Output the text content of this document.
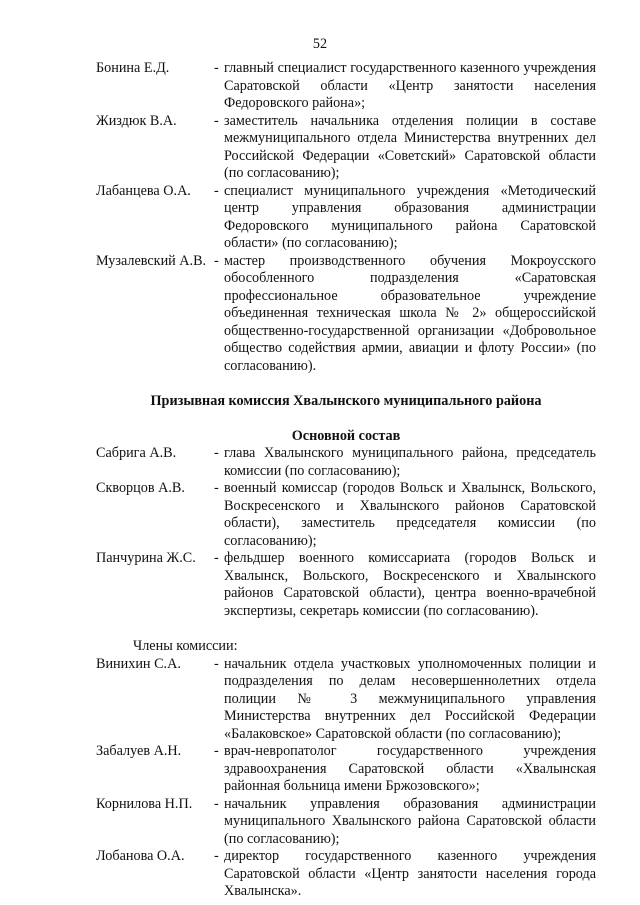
52
Бонина Е.Д.	- главный специалист государственного казенного учреждения Саратовской области «Центр занятости населения Федоровского района»;
Жиздюк В.А.	- заместитель начальника отделения полиции в составе межмуниципального отдела Министерства внутренних дел Российской Федерации «Советский» Саратовской области (по согласованию);
Лабанцева О.А.	- специалист муниципального учреждения «Методический центр управления образования администрации Федоровского муниципального района Саратовской области» (по согласованию);
Музалевский А.В. - мастер производственного обучения Мокроусского обособленного подразделения «Саратовская профессиональное образовательное учреждение объединенная техническая школа № 2» общероссийской общественно-государственной организации «Добровольное общество содействия армии, авиации и флоту России» (по согласованию).
Призывная комиссия Хвалынского муниципального района
Основной состав
Сабрига А.В.	- глава Хвалынского муниципального района, председатель комиссии (по согласованию);
Скворцов А.В.	- военный комиссар (городов Вольск и Хвалынск, Вольского, Воскресенского и Хвалынского районов Саратовской области), заместитель председателя комиссии (по согласованию);
Панчурина Ж.С.	- фельдшер военного комиссариата (городов Вольск и Хвалынск, Вольского, Воскресенского и Хвалынского районов Саратовской области), центра военно-врачебной экспертизы, секретарь комиссии (по согласованию).
Члены комиссии:
Винихин С.А.	- начальник отдела участковых уполномоченных полиции и подразделения по делам несовершеннолетних отдела полиции № 3 межмуниципального управления Министерства внутренних дел Российской Федерации «Балаковское» Саратовской области (по согласованию);
Забалуев А.Н.	- врач-невропатолог государственного учреждения здравоохранения Саратовской области «Хвалынская районная больница имени Бржозовского»;
Корнилова Н.П.	- начальник управления образования администрации муниципального Хвалынского района Саратовской области (по согласованию);
Лобанова О.А.	- директор государственного казенного учреждения Саратовской области «Центр занятости населения города Хвалынска».
